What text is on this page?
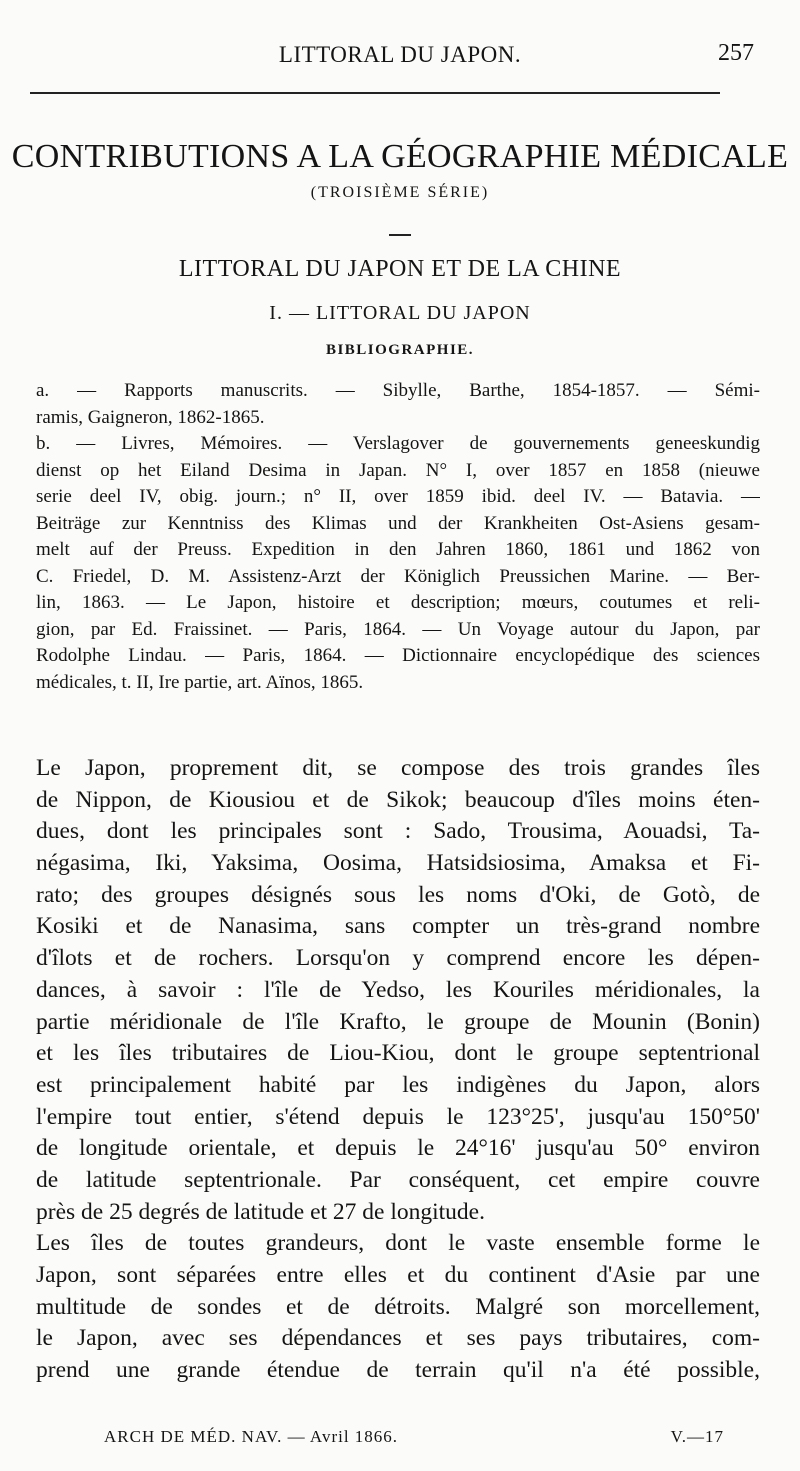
LITTORAL DU JAPON.	257
CONTRIBUTIONS A LA GÉOGRAPHIE MÉDICALE
(TROISIÈME SÉRIE)
LITTORAL DU JAPON ET DE LA CHINE
I. — LITTORAL DU JAPON
BIBLIOGRAPHIE.
a. — Rapports manuscrits. — Sibylle, Barthe, 1854-1857. — Sémi-
ramis, Gaigneron, 1862-1865.
b. — Livres, Mémoires. — Verslagover de gouvernements geneeskundig
dienst op het Eiland Desima in Japan. N° I, over 1857 en 1858 (nieuwe
serie deel IV, obig. journ.; n° II, over 1859 ibid. deel IV. — Batavia. —
Beiträge zur Kenntniss des Klimas und der Krankheiten Ost-Asiens gesam-
melt auf der Preuss. Expedition in den Jahren 1860, 1861 und 1862 von
C. Friedel, D. M. Assistenz-Arzt der Königlich Preussichen Marine. — Ber-
lin, 1863. — Le Japon, histoire et description; mœurs, coutumes et reli-
gion, par Ed. Fraissinet. — Paris, 1864. — Un Voyage autour du Japon, par
Rodolphe Lindau. — Paris, 1864. — Dictionnaire encyclopédique des sciences
médicales, t. II, Ire partie, art. Aïnos, 1865.
Le Japon, proprement dit, se compose des trois grandes îles
de Nippon, de Kiousiou et de Sikok; beaucoup d'îles moins éten-
dues, dont les principales sont : Sado, Trousima, Aouadsi, Ta-
négasima, Iki, Yaksima, Oosima, Hatsidsiosima, Amaksa et Fi-
rato; des groupes désignés sous les noms d'Oki, de Gotò, de
Kosiki et de Nanasima, sans compter un très-grand nombre
d'îlots et de rochers. Lorsqu'on y comprend encore les dépen-
dances, à savoir : l'île de Yedso, les Kouriles méridionales, la
partie méridionale de l'île Krafto, le groupe de Mounin (Bonin)
et les îles tributaires de Liou-Kiou, dont le groupe septentrional
est principalement habité par les indigènes du Japon, alors
l'empire tout entier, s'étend depuis le 123°25', jusqu'au 150°50'
de longitude orientale, et depuis le 24°16' jusqu'au 50° environ
de latitude septentrionale. Par conséquent, cet empire couvre
près de 25 degrés de latitude et 27 de longitude.
Les îles de toutes grandeurs, dont le vaste ensemble forme le
Japon, sont séparées entre elles et du continent d'Asie par une
multitude de sondes et de détroits. Malgré son morcellement,
le Japon, avec ses dépendances et ses pays tributaires, com-
prend une grande étendue de terrain qu'il n'a été possible,
ARCH DE MÉD. NAV. — Avril 1866.	V.—17
